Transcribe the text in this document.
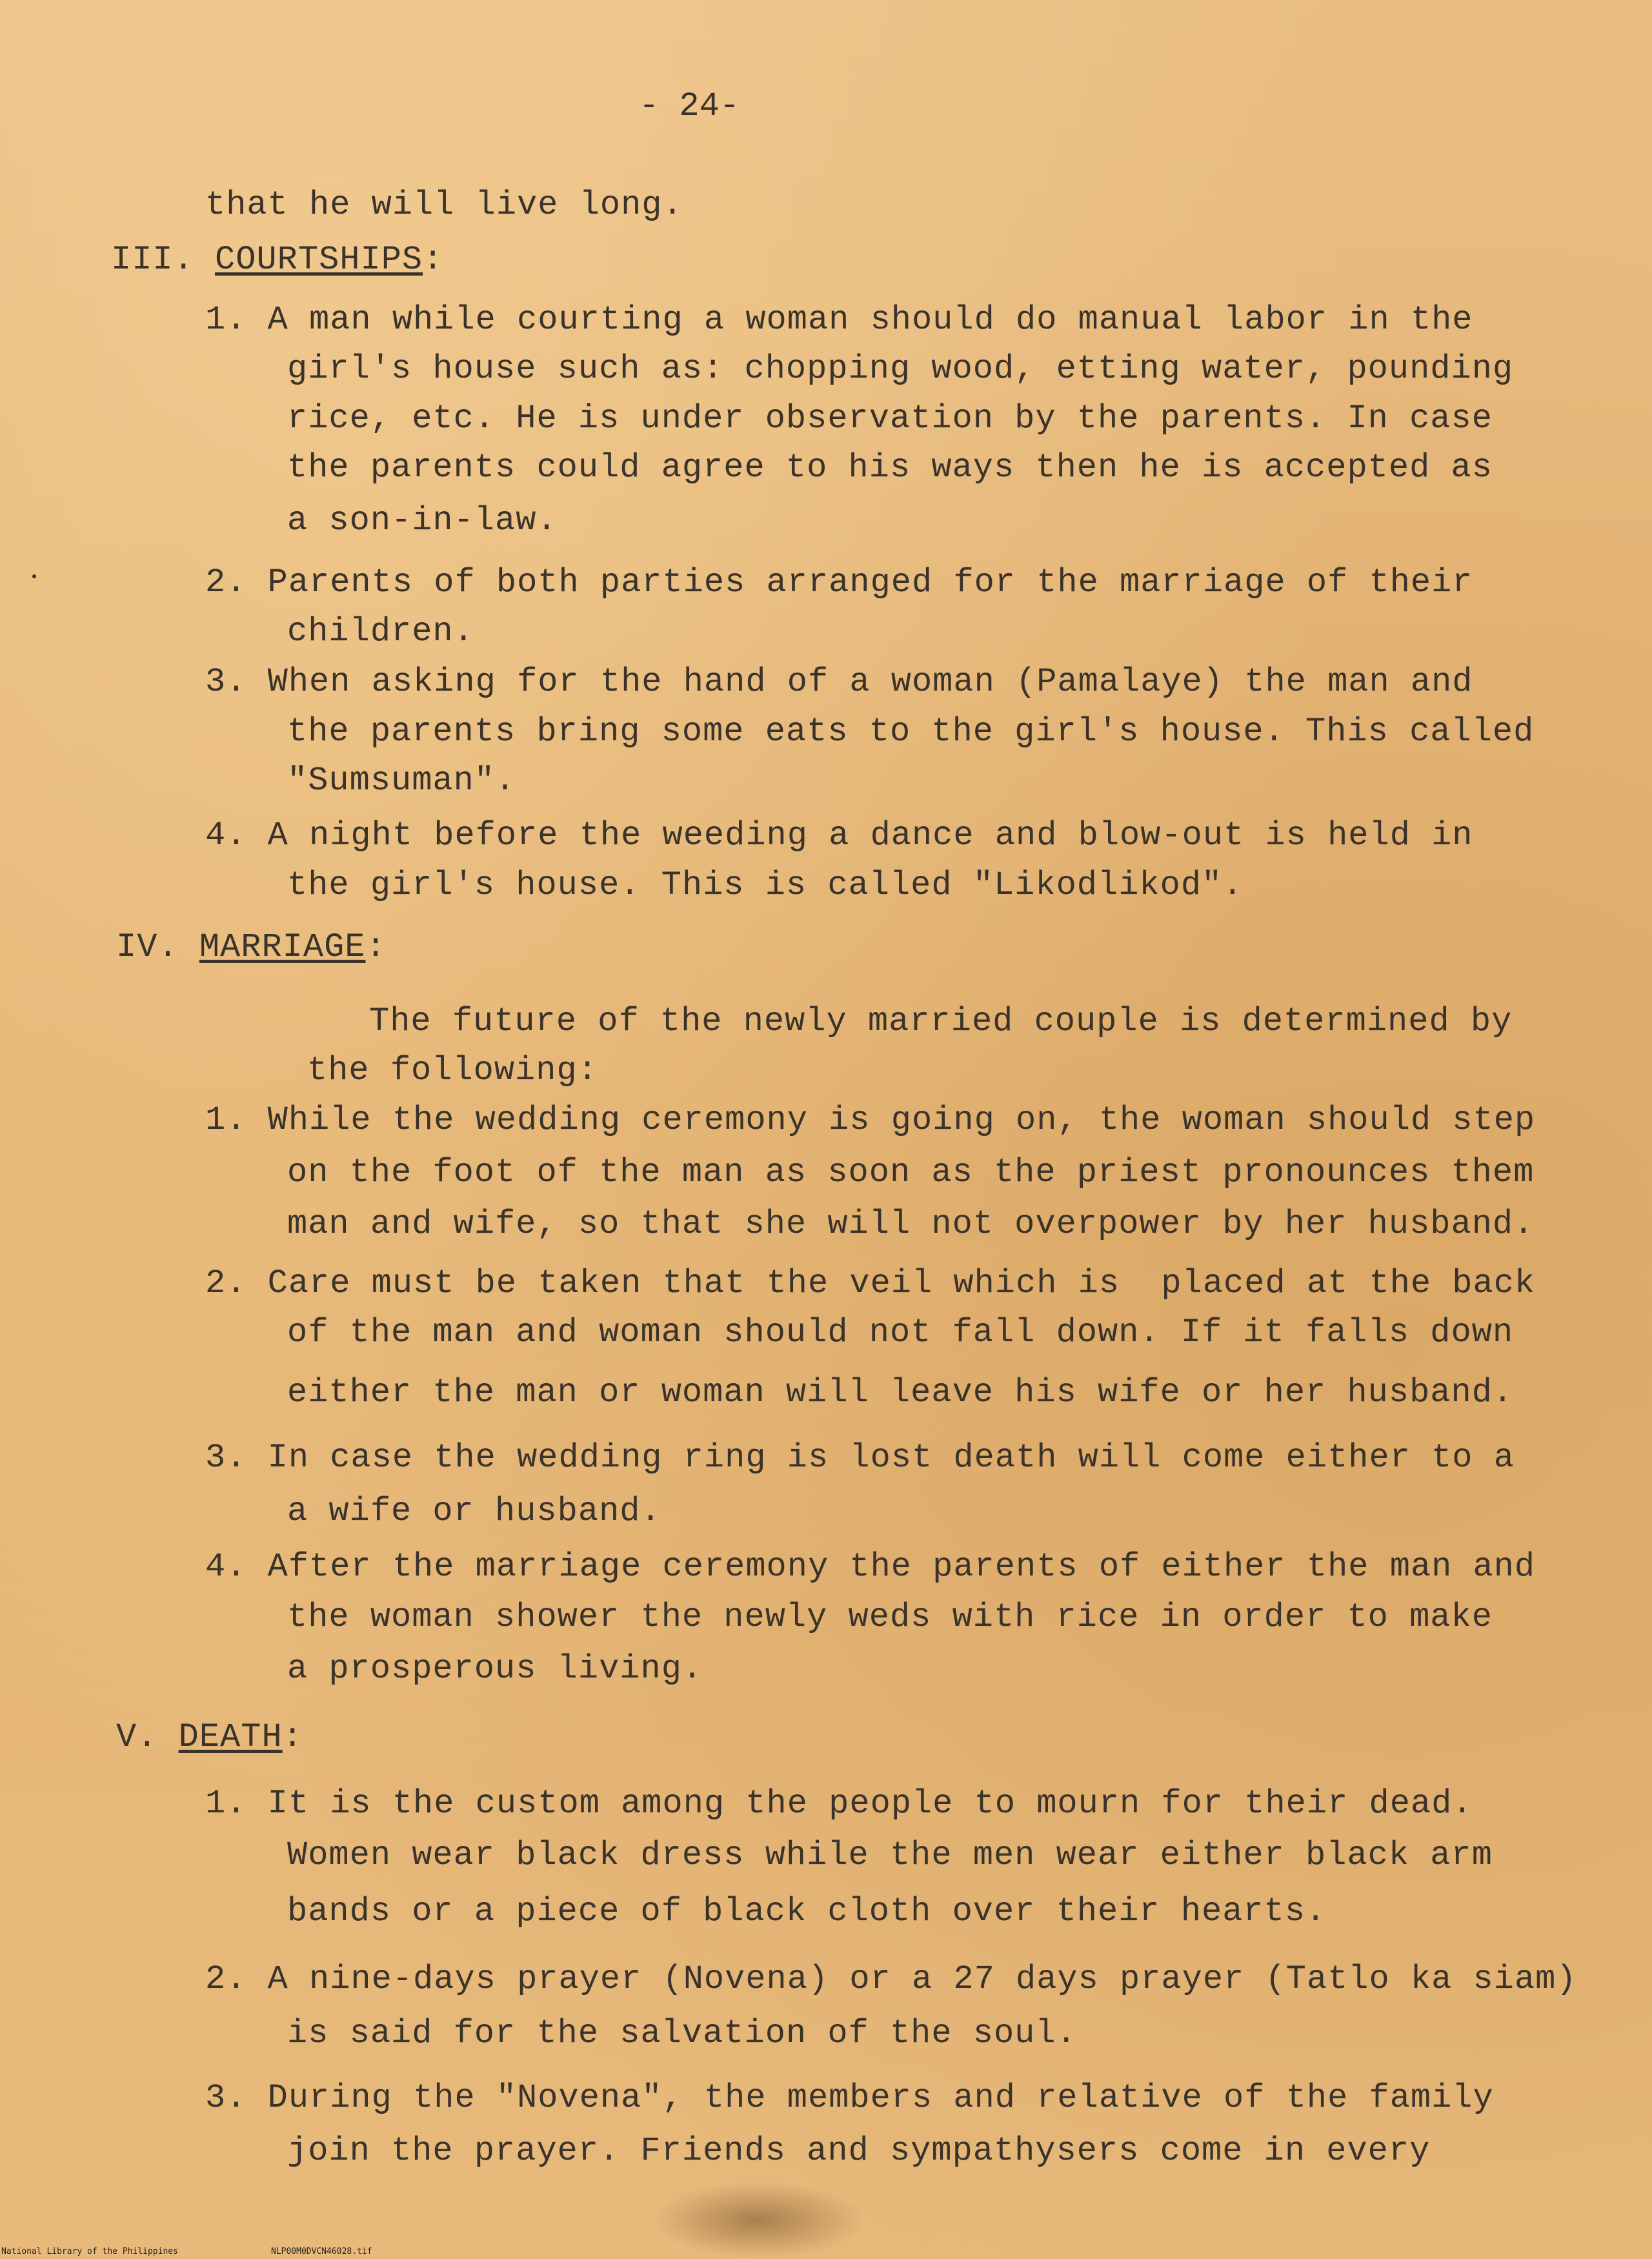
- 24-
that he will live long.
III. COURTSHIPS:
1. A man while courting a woman should do manual labor in the
girl's house such as: chopping wood, etting water, pounding
rice, etc. He is under observation by the parents. In case
the parents could agree to his ways then he is accepted as
a son-in-law.
2. Parents of both parties arranged for the marriage of their
children.
3. When asking for the hand of a woman (Pamalaye) the man and
the parents bring some eats to the girl's house. This called
"Sumsuman".
4. A night before the weeding a dance and blow-out is held in
the girl's house. This is called "Likodlikod".
IV. MARRIAGE:
The future of the newly married couple is determined by
the following:
1. While the wedding ceremony is going on, the woman should step
on the foot of the man as soon as the priest pronounces them
man and wife, so that she will not overpower by her husband.
2. Care must be taken that the veil which is  placed at the back
of the man and woman should not fall down. If it falls down
either the man or woman will leave his wife or her husband.
3. In case the wedding ring is lost death will come either to a
a wife or husband.
4. After the marriage ceremony the parents of either the man and
the woman shower the newly weds with rice in order to make
a prosperous living.
V. DEATH:
1. It is the custom among the people to mourn for their dead.
Women wear black dress while the men wear either black arm
bands or a piece of black cloth over their hearts.
2. A nine-days prayer (Novena) or a 27 days prayer (Tatlo ka siam)
is said for the salvation of the soul.
3. During the "Novena", the members and relative of the family
join the prayer. Friends and sympathysers come in every

National Library of the Philippines

	NLP00M0DVCN46028.tif
